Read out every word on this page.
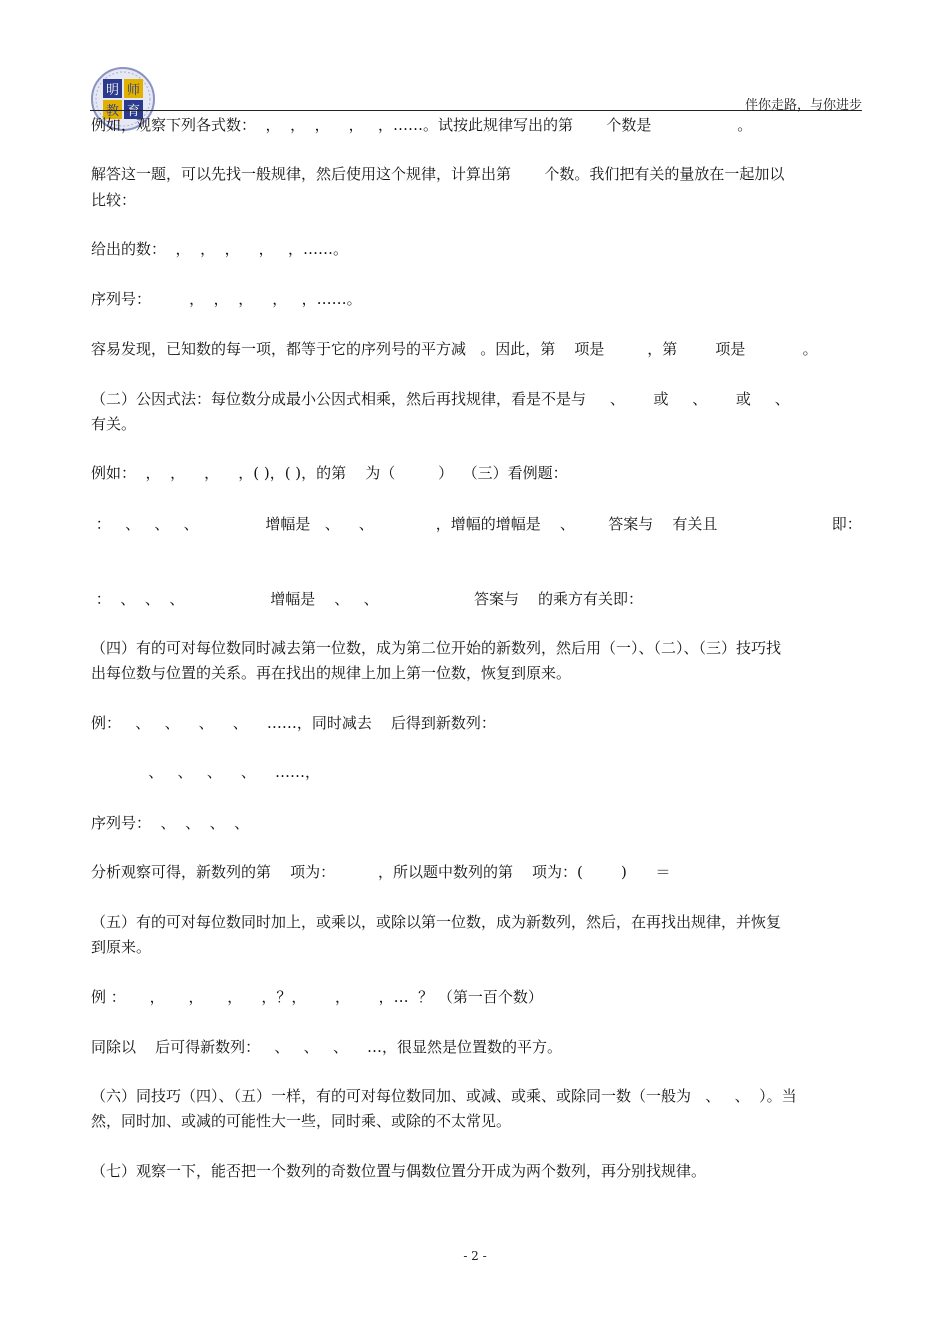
明 师
教 育	伴你走路，与你进步
例如，观察下列各式数：  ，  ，  ，    ，   ，……。试按此规律写出的第       个数是                  。
解答这一题，可以先找一般规律，然后使用这个规律，计算出第       个数。我们把有关的量放在一起加以
比较：
给出的数：  ，  ，  ，    ，   ，……。
序列号：        ，  ，  ，    ，   ，……。
容易发现，已知数的每一项，都等于它的序列号的平方减   。因此，第    项是         ，第        项是            。
（二）公因式法：每位数分成最小公因式相乘，然后再找规律，看是不是与     、      或     、      或     、
有关。
例如：  ，  ，    ，    ，( )，( )，的第    为（         ）  （三）看例题：
：   、   、   、              增幅是   、    、             ，增幅的增幅是    、       答案与    有关且                        即：
：  、  、  、                  增幅是    、   、                    答案与    的乘方有关即：
（四）有的可对每位数同时减去第一位数，成为第二位开始的新数列，然后用（一）、（二）、（三）技巧找
出每位数与位置的关系。再在找出的规律上加上第一位数，恢复到原来。
例：   、   、    、    、    ……，同时减去    后得到新数列：
、   、   、    、    ……，
序列号：  、  、  、  、
分析观察可得，新数列的第    项为：         ，所以题中数列的第    项为：(        )      ＝
（五）有的可对每位数同时加上，或乘以，或除以第一位数，成为新数列，然后，在再找出规律，并恢复
到原来。
例 ：     ，     ，     ，    ，？，      ，      ，…  ？ （第一百个数）
同除以    后可得新数列：   、   、   、    …，很显然是位置数的平方。
（六）同技巧（四）、（五）一样，有的可对每位数同加、或减、或乘、或除同一数（一般为   、   、  ）。当
然，同时加、或减的可能性大一些，同时乘、或除的不太常见。
（七）观察一下，能否把一个数列的奇数位置与偶数位置分开成为两个数列，再分别找规律。
- 2 -
